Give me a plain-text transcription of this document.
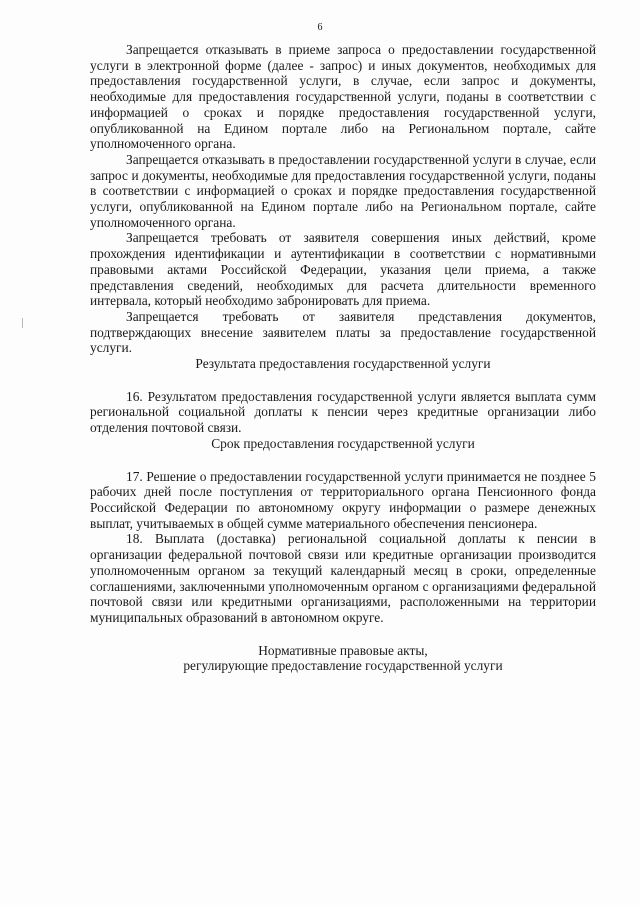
6

Запрещается отказывать в приеме запроса о предоставлении государственной услуги в электронной форме (далее - запрос) и иных документов, необходимых для предоставления государственной услуги, в случае, если запрос и документы, необходимые для предоставления государственной услуги, поданы в соответствии с информацией о сроках и порядке предоставления государственной услуги, опубликованной на Едином портале либо на Региональном портале, сайте уполномоченного органа.

Запрещается отказывать в предоставлении государственной услуги в случае, если запрос и документы, необходимые для предоставления государственной услуги, поданы в соответствии с информацией о сроках и порядке предоставления государственной услуги, опубликованной на Едином портале либо на Региональном портале, сайте уполномоченного органа.

Запрещается требовать от заявителя совершения иных действий, кроме прохождения идентификации и аутентификации в соответствии с нормативными правовыми актами Российской Федерации, указания цели приема, а также представления сведений, необходимых для расчета длительности временного интервала, который необходимо забронировать для приема.

Запрещается требовать от заявителя представления документов, подтверждающих внесение заявителем платы за предоставление государственной услуги.

Результата предоставления государственной услуги

16. Результатом предоставления государственной услуги является выплата сумм региональной социальной доплаты к пенсии через кредитные организации либо отделения почтовой связи.

Срок предоставления государственной услуги

17. Решение о предоставлении государственной услуги принимается не позднее 5 рабочих дней после поступления от территориального органа Пенсионного фонда Российской Федерации по автономному округу информации о размере денежных выплат, учитываемых в общей сумме материального обеспечения пенсионера.

18. Выплата (доставка) региональной социальной доплаты к пенсии в организации федеральной почтовой связи или кредитные организации производится уполномоченным органом за текущий календарный месяц в сроки, определенные соглашениями, заключенными уполномоченным органом с организациями федеральной почтовой связи или кредитными организациями, расположенными на территории муниципальных образований в автономном округе.

Нормативные правовые акты,
регулирующие предоставление государственной услуги
